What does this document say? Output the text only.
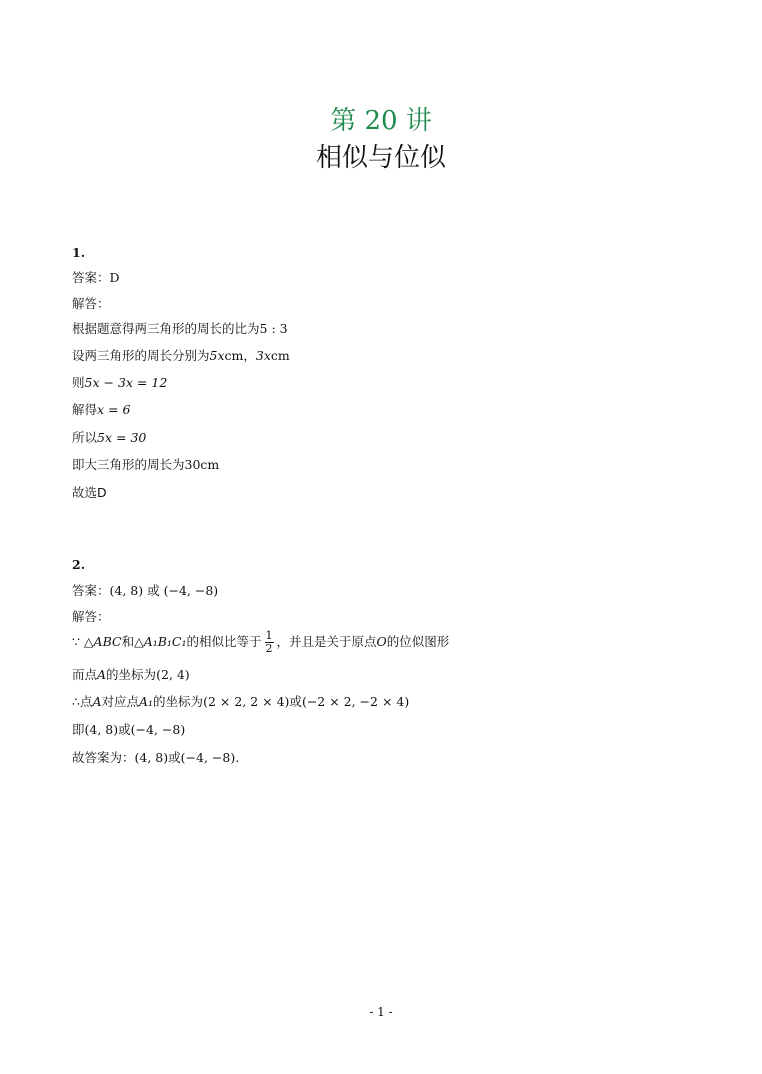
第 20 讲
相似与位似
1.
答案：D
解答：
根据题意得两三角形的周长的比为5 : 3
设两三角形的周长分别为5xcm，3xcm
则5x − 3x = 12
解得x = 6
所以5x = 30
即大三角形的周长为30cm
故选D
2.
答案：(4, 8) 或 (−4, −8)
解答：
∵ △ABC和△A₁B₁C₁的相似比等于 $\frac{1}{2}$ ，并且是关于原点O的位似图形
而点A的坐标为(2, 4)
∴点A对应点A₁的坐标为(2 × 2, 2 × 4)或(−2 × 2, −2 × 4)
即(4, 8)或(−4, −8)
故答案为：(4, 8)或(−4, −8).
- 1 -
